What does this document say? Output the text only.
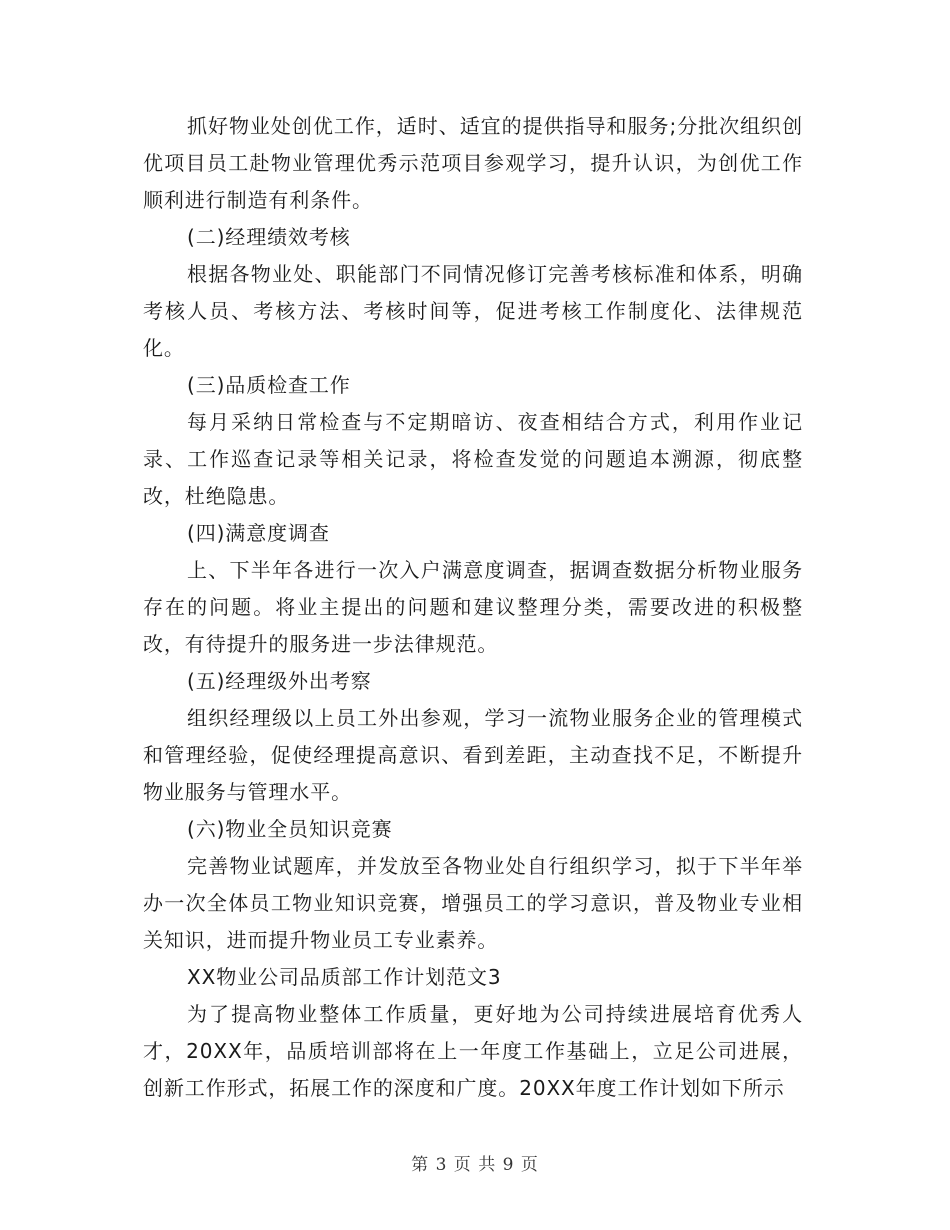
抓好物业处创优工作，适时、适宜的提供指导和服务;分批次组织创优项目员工赴物业管理优秀示范项目参观学习，提升认识，为创优工作顺利进行制造有利条件。

(二)经理绩效考核

根据各物业处、职能部门不同情况修订完善考核标准和体系，明确考核人员、考核方法、考核时间等，促进考核工作制度化、法律规范化。

(三)品质检查工作

每月采纳日常检查与不定期暗访、夜查相结合方式，利用作业记录、工作巡查记录等相关记录，将检查发觉的问题追本溯源，彻底整改，杜绝隐患。

(四)满意度调查

上、下半年各进行一次入户满意度调查，据调查数据分析物业服务存在的问题。将业主提出的问题和建议整理分类，需要改进的积极整改，有待提升的服务进一步法律规范。

(五)经理级外出考察

组织经理级以上员工外出参观，学习一流物业服务企业的管理模式和管理经验，促使经理提高意识、看到差距，主动查找不足，不断提升物业服务与管理水平。

(六)物业全员知识竞赛

完善物业试题库，并发放至各物业处自行组织学习，拟于下半年举办一次全体员工物业知识竞赛，增强员工的学习意识，普及物业专业相关知识，进而提升物业员工专业素养。

XX物业公司品质部工作计划范文3

为了提高物业整体工作质量，更好地为公司持续进展培育优秀人才，20XX年，品质培训部将在上一年度工作基础上，立足公司进展，创新工作形式，拓展工作的深度和广度。20XX年度工作计划如下所示

第 3 页 共 9 页
